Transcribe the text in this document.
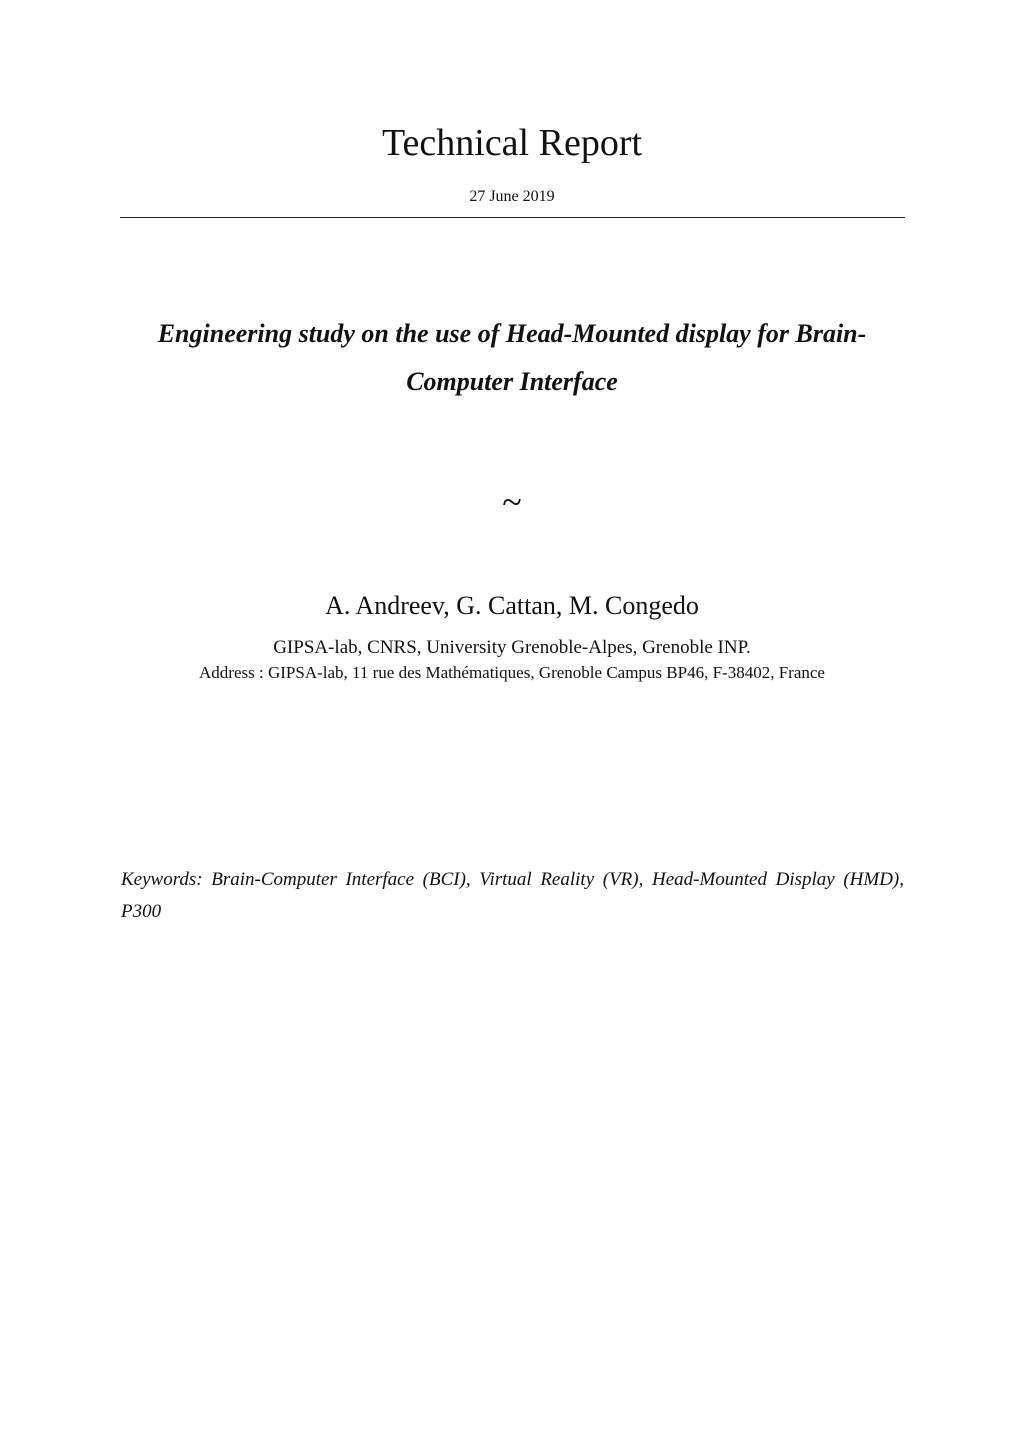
Technical Report
27 June 2019
Engineering study on the use of Head-Mounted display for Brain-
Computer Interface
~
A. Andreev, G. Cattan, M. Congedo
GIPSA-lab, CNRS, University Grenoble-Alpes, Grenoble INP.
Address : GIPSA-lab, 11 rue des Mathématiques, Grenoble Campus BP46, F-38402, France
Keywords: Brain-Computer Interface (BCI), Virtual Reality (VR), Head-Mounted Display (HMD),
P300
